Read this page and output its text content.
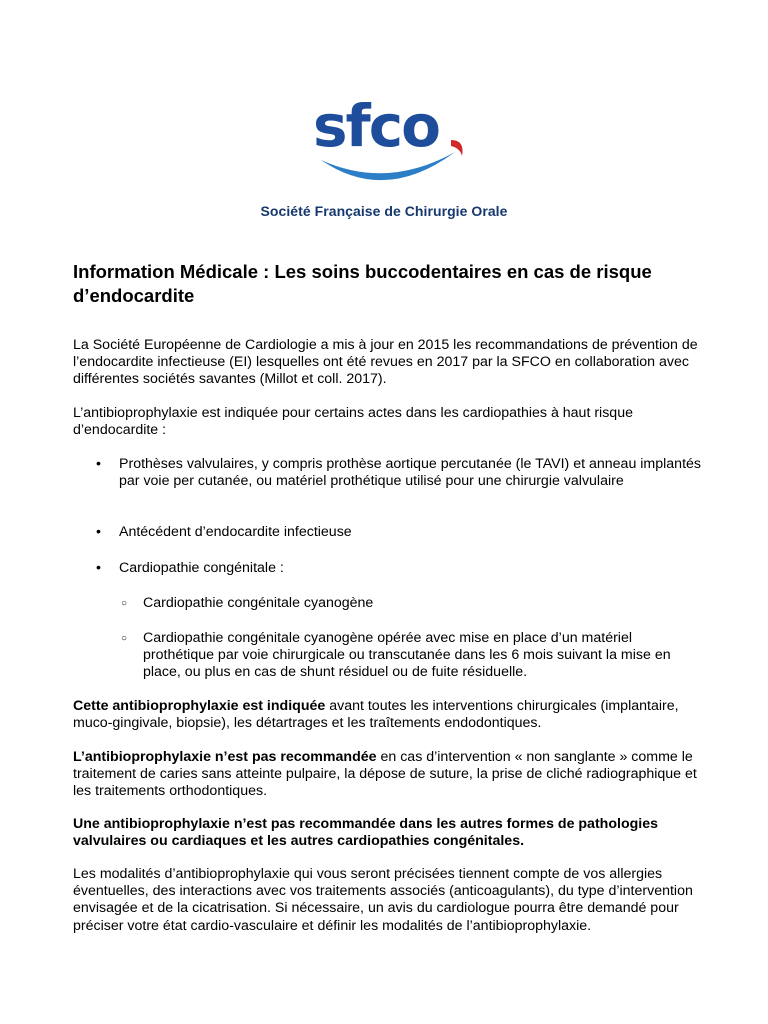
sfco
Société Française de Chirurgie Orale
Information Médicale : Les soins buccodentaires en cas de risque d’endocardite

La Société Européenne de Cardiologie a mis à jour en 2015 les recommandations de prévention de l’endocardite infectieuse (EI) lesquelles ont été revues en 2017 par la SFCO en collaboration avec différentes sociétés savantes (Millot et coll. 2017).

L’antibioprophylaxie est indiquée pour certains actes dans les cardiopathies à haut risque d’endocardite :

• Prothèses valvulaires, y compris prothèse aortique percutanée (le TAVI) et anneau implantés par voie per cutanée, ou matériel prothétique utilisé pour une chirurgie valvulaire
• Antécédent d’endocardite infectieuse
• Cardiopathie congénitale :
○ Cardiopathie congénitale cyanogène
○ Cardiopathie congénitale cyanogène opérée avec mise en place d’un matériel prothétique par voie chirurgicale ou transcutanée dans les 6 mois suivant la mise en place, ou plus en cas de shunt résiduel ou de fuite résiduelle.

Cette antibioprophylaxie est indiquée avant toutes les interventions chirurgicales (implantaire, muco-gingivale, biopsie), les détartrages et les traîtements endodontiques.

L’antibioprophylaxie n’est pas recommandée en cas d’intervention « non sanglante » comme le traitement de caries sans atteinte pulpaire, la dépose de suture, la prise de cliché radiographique et les traitements orthodontiques.

Une antibioprophylaxie n’est pas recommandée dans les autres formes de pathologies valvulaires ou cardiaques et les autres cardiopathies congénitales.

Les modalités d’antibioprophylaxie qui vous seront précisées tiennent compte de vos allergies éventuelles, des interactions avec vos traitements associés (anticoagulants), du type d’intervention envisagée et de la cicatrisation. Si nécessaire, un avis du cardiologue pourra être demandé pour préciser votre état cardio-vasculaire et définir les modalités de l’antibioprophylaxie.
